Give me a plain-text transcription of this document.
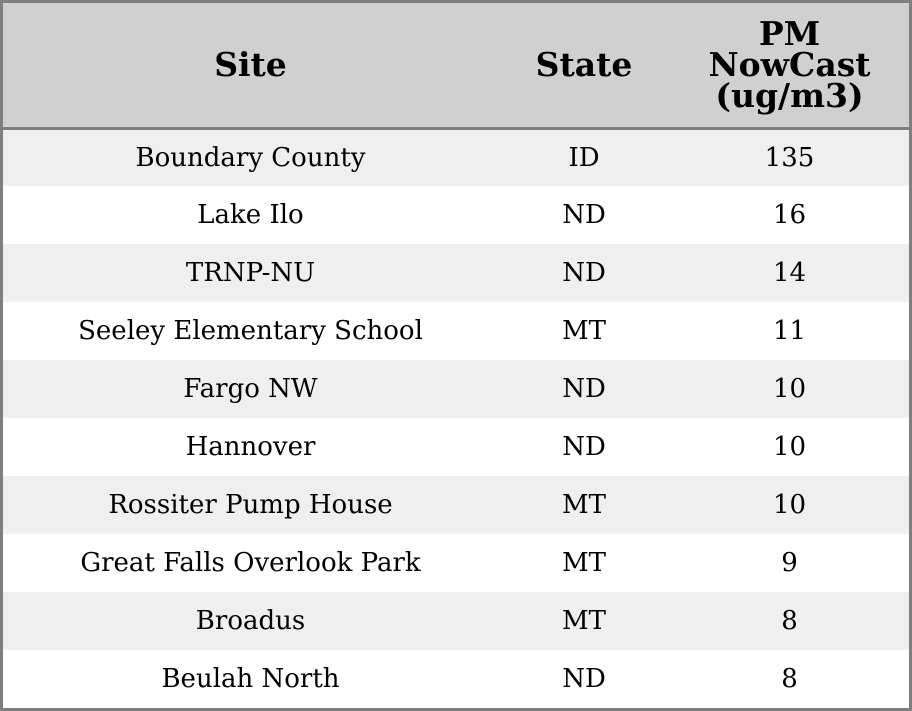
Site	State	PM
NowCast
(ug/m3)

Boundary County	ID	135
Lake Ilo	ND	16
TRNP-NU	ND	14
Seeley Elementary School	MT	11
Fargo NW	ND	10
Hannover	ND	10
Rossiter Pump House	MT	10
Great Falls Overlook Park	MT	9
Broadus	MT	8
Beulah North	ND	8
